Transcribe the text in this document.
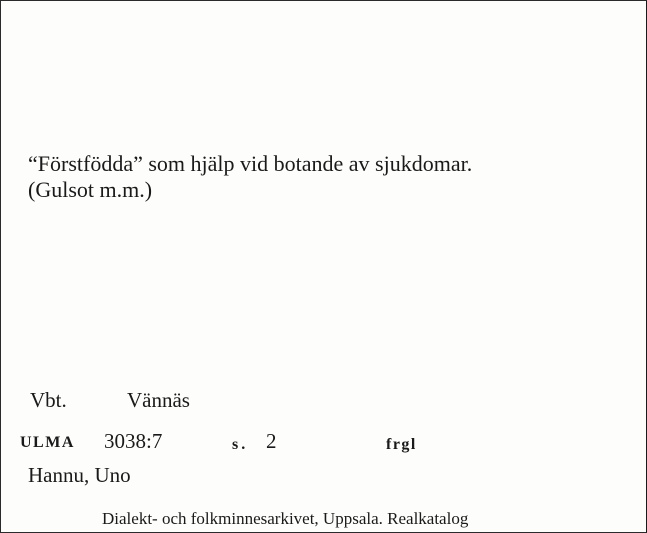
“Förstfödda” som hjälp vid botande av sjukdomar.
(Gulsot m.m.)
Vbt.	Vännäs
ULMA 3038:7	s. 2	frgl
Hannu, Uno
Dialekt- och folkminnesarkivet, Uppsala. Realkatalog
